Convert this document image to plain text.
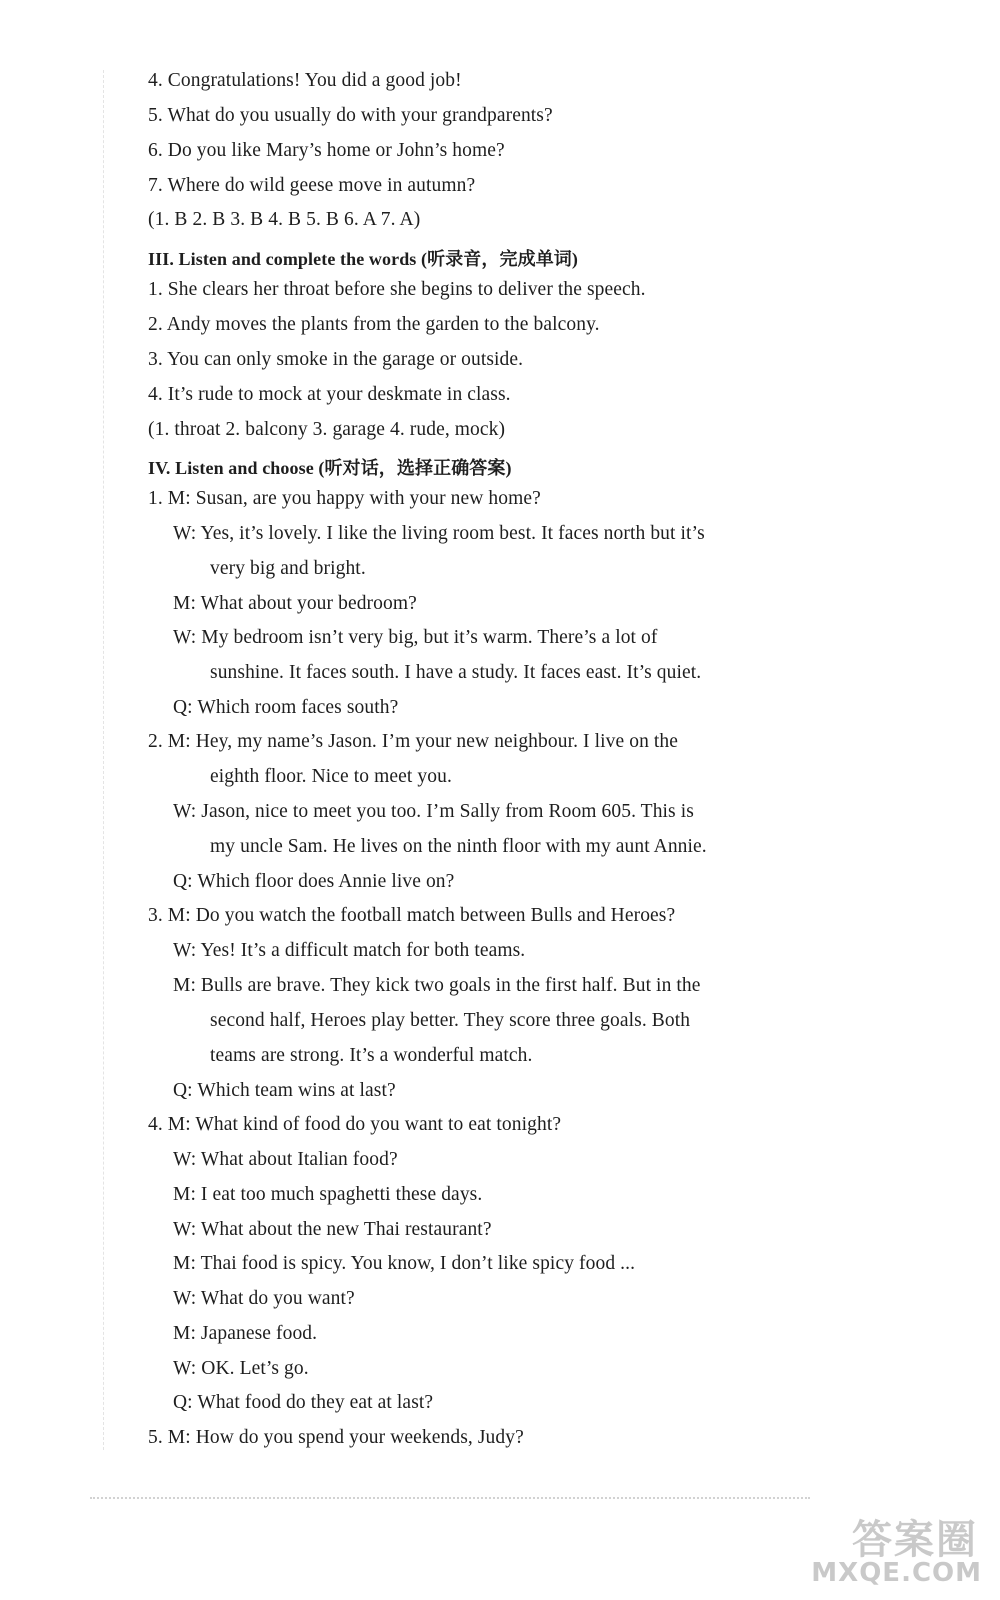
4. Congratulations! You did a good job!
5. What do you usually do with your grandparents?
6. Do you like Mary’s home or John’s home?
7. Where do wild geese move in autumn?
(1. B 2. B 3. B 4. B 5. B 6. A 7. A)
III. Listen and complete the words (听录音，完成单词)
1. She clears her throat before she begins to deliver the speech.
2. Andy moves the plants from the garden to the balcony.
3. You can only smoke in the garage or outside.
4. It’s rude to mock at your deskmate in class.
(1. throat 2. balcony 3. garage 4. rude, mock)
IV. Listen and choose (听对话，选择正确答案)
1. M: Susan, are you happy with your new home?
W: Yes, it’s lovely. I like the living room best. It faces north but it’s
very big and bright.
M: What about your bedroom?
W: My bedroom isn’t very big, but it’s warm. There’s a lot of
sunshine. It faces south. I have a study. It faces east. It’s quiet.
Q: Which room faces south?
2. M: Hey, my name’s Jason. I’m your new neighbour. I live on the
eighth floor. Nice to meet you.
W: Jason, nice to meet you too. I’m Sally from Room 605. This is
my uncle Sam. He lives on the ninth floor with my aunt Annie.
Q: Which floor does Annie live on?
3. M: Do you watch the football match between Bulls and Heroes?
W: Yes! It’s a difficult match for both teams.
M: Bulls are brave. They kick two goals in the first half. But in the
second half, Heroes play better. They score three goals. Both
teams are strong. It’s a wonderful match.
Q: Which team wins at last?
4. M: What kind of food do you want to eat tonight?
W: What about Italian food?
M: I eat too much spaghetti these days.
W: What about the new Thai restaurant?
M: Thai food is spicy. You know, I don’t like spicy food ...
W: What do you want?
M: Japanese food.
W: OK. Let’s go.
Q: What food do they eat at last?
5. M: How do you spend your weekends, Judy?
答案圈
MXQE.COM
